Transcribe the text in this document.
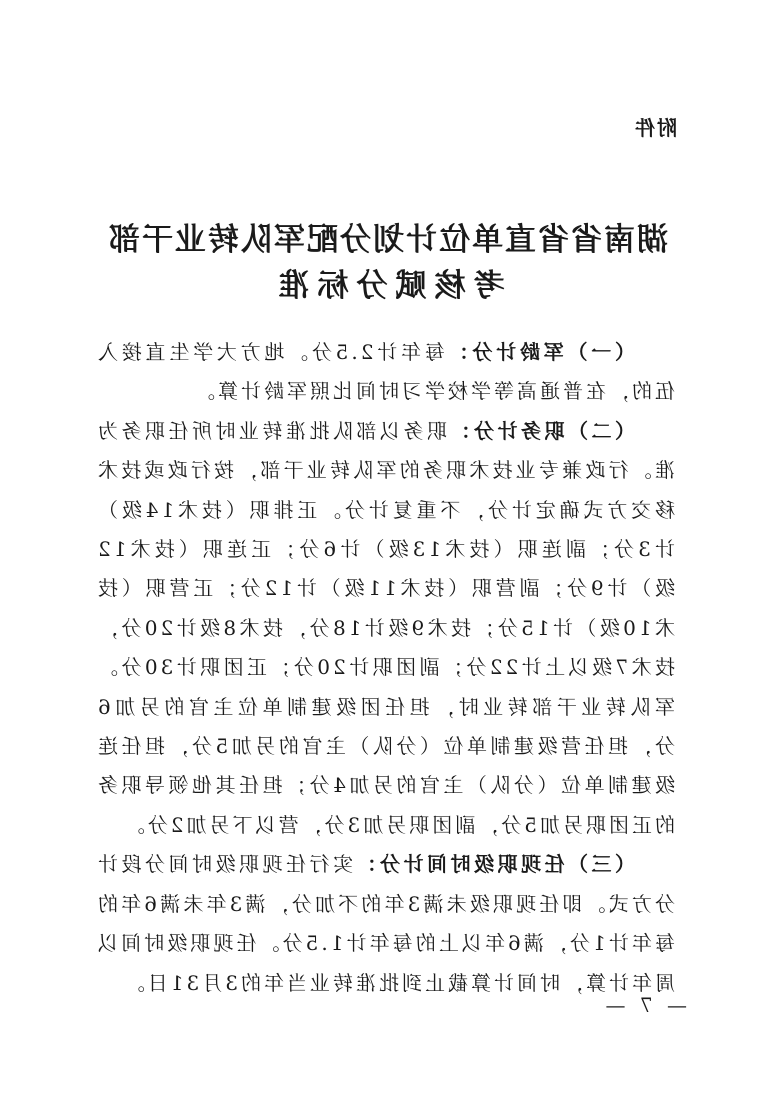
附件
湖南省省直单位计划分配军队转业干部
考核赋分标准

（一）军龄计分：每年计2.5分。地方大学生直接入伍的，在普通高等学校学习时间比照军龄计算。

（二）职务计分：职务以部队批准转业时所任职务为准。行政兼专业技术职务的军队转业干部，按行政或技术移交方式确定计分，不重复计分。正排职（技术14级）计3分；副连职（技术13级）计6分；正连职（技术12级）计9分；副营职（技术11级）计12分；正营职（技术10级）计15分；技术9级计18分，技术8级计20分，技术7级以上计22分；副团职计20分；正团职计30分。军队转业干部转业时，担任团级建制单位主官的另加6分，担任营级建制单位（分队）主官的另加5分，担任连级建制单位（分队）主官的另加4分；担任其他领导职务的正团职另加5分，副团职另加3分，营以下另加2分。

（三）任现职级时间计分：实行任现职级时间分段计分方式。即任现职级未满3年的不加分，满3年未满6年的每年计1分，满6年以上的每年计1.5分。任现职级时间以周年计算，时间计算截止到批准转业当年的3月31日。

— 7 —
